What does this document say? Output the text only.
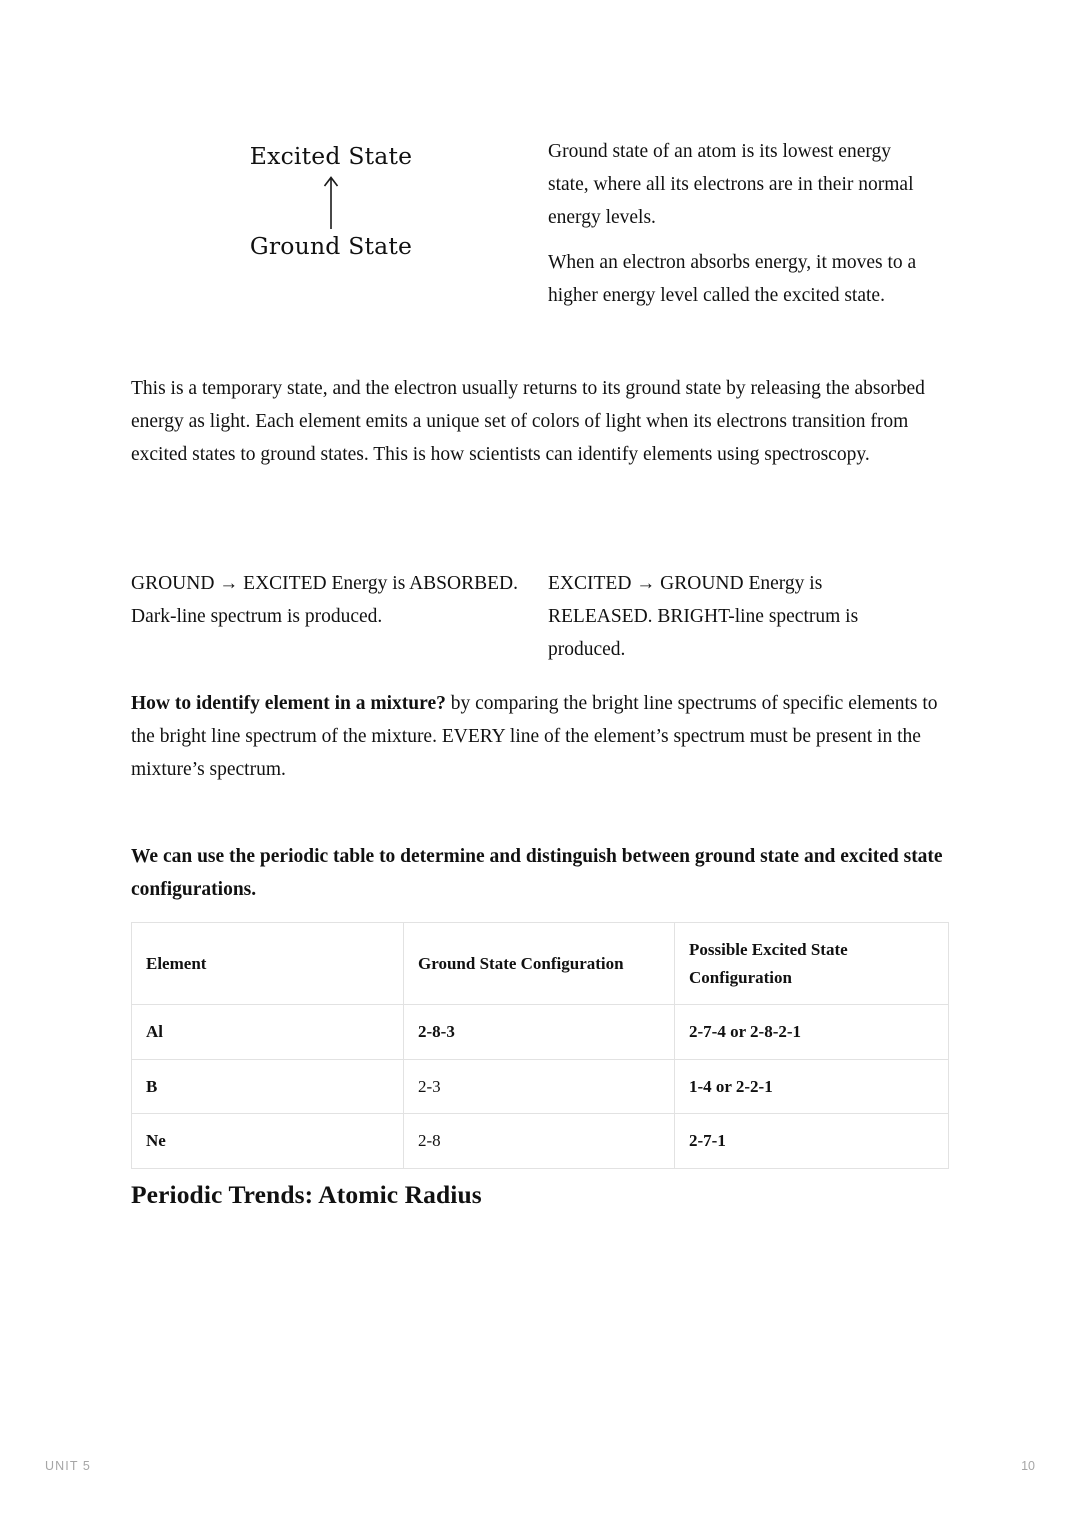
Excited State
Ground State

Ground state of an atom is its lowest energy state, where all its electrons are in their normal energy levels.

When an electron absorbs energy, it moves to a higher energy level called the excited state.

This is a temporary state, and the electron usually returns to its ground state by releasing the absorbed energy as light. Each element emits a unique set of colors of light when its electrons transition from excited states to ground states. This is how scientists can identify elements using spectroscopy.
GROUND → EXCITED Energy is ABSORBED. Dark-line spectrum is produced.
EXCITED → GROUND Energy is RELEASED. BRIGHT-line spectrum is produced.
How to identify element in a mixture? by comparing the bright line spectrums of specific elements to the bright line spectrum of the mixture. EVERY line of the element’s spectrum must be present in the mixture’s spectrum.
We can use the periodic table to determine and distinguish between ground state and excited state configurations.
Element	Ground State Configuration	Possible Excited State Configuration
Al	2-8-3	2-7-4 or 2-8-2-1
B	2-3	1-4 or 2-2-1
Ne	2-8	2-7-1
Periodic Trends: Atomic Radius
UNIT 5	10
